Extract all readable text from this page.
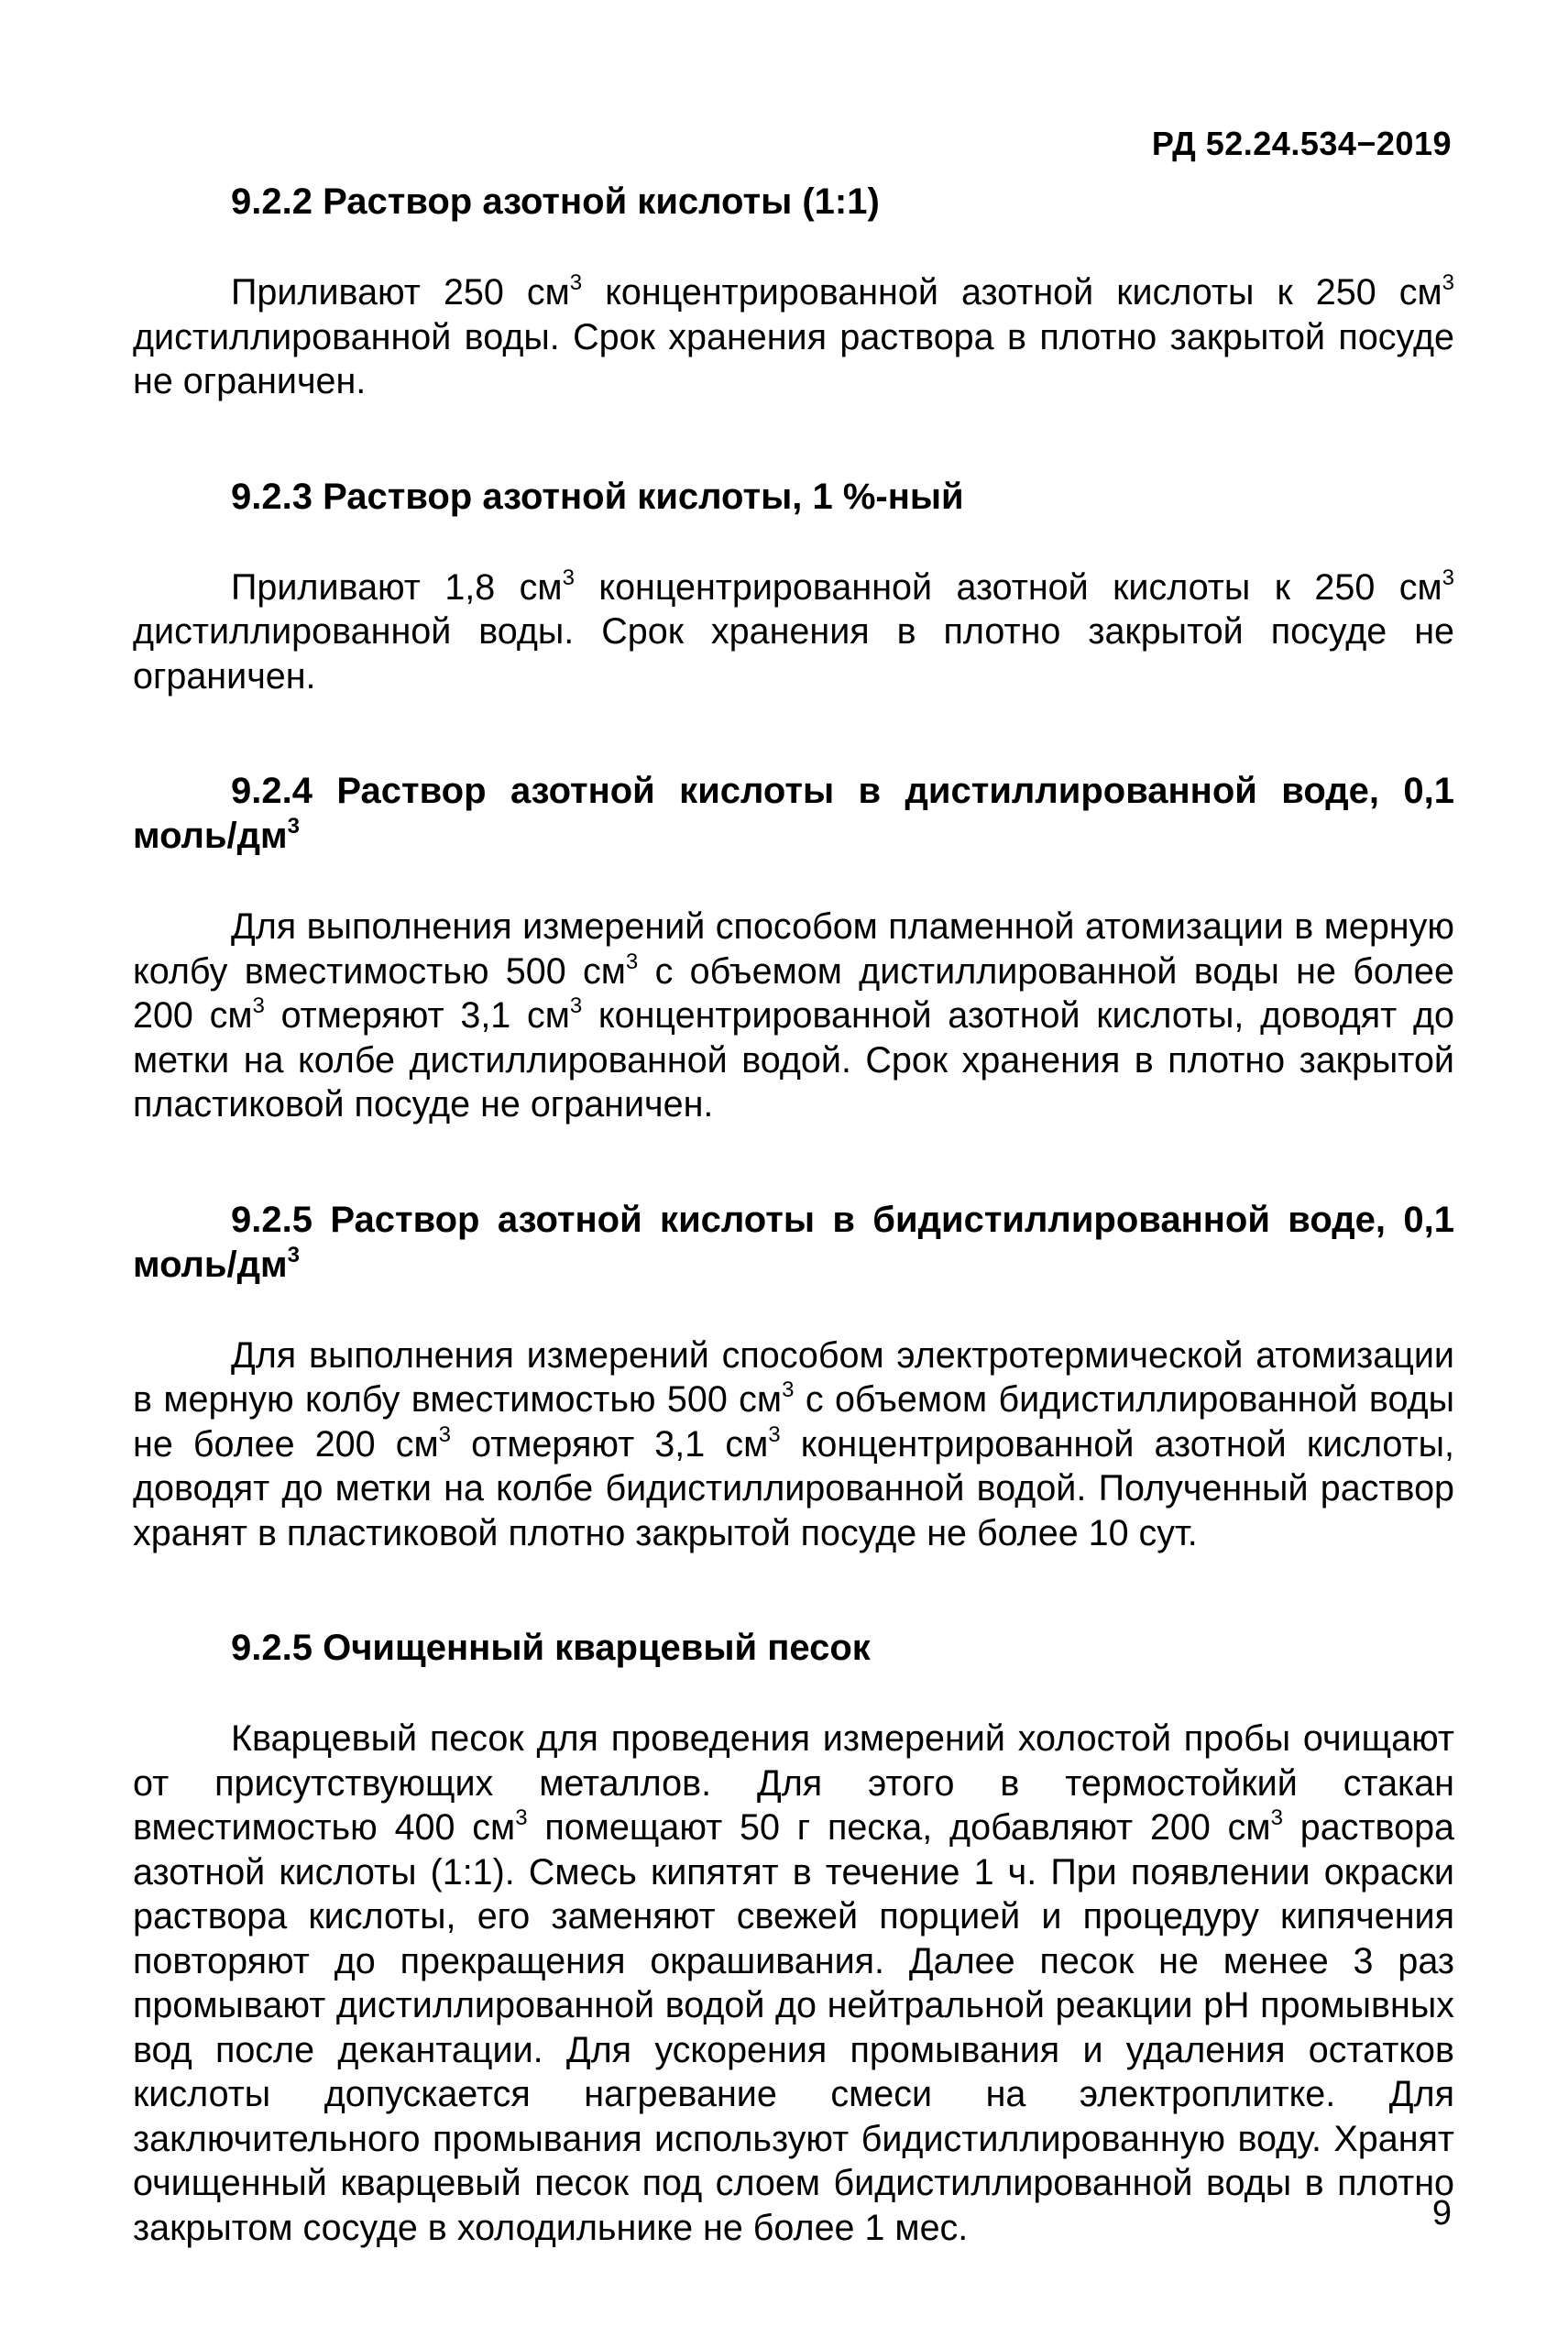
РД 52.24.534−2019
9.2.2 Раствор азотной кислоты (1:1)

Приливают 250 $см^3$ концентрированной азотной кислоты к 250 $см^3$ дистиллированной воды. Срок хранения раствора в плотно закрытой посуде не ограничен.

9.2.3 Раствор азотной кислоты, 1 %-ный

Приливают 1,8 $см^3$ концентрированной азотной кислоты к 250 $см^3$ дистиллированной воды. Срок хранения в плотно закрытой посуде не ограничен.

9.2.4 Раствор азотной кислоты в дистиллированной воде, 0,1 моль/$дм^3$

Для выполнения измерений способом пламенной атомизации в мерную колбу вместимостью 500 $см^3$ с объемом дистиллированной воды не более 200 $см^3$ отмеряют 3,1 $см^3$ концентрированной азотной кислоты, доводят до метки на колбе дистиллированной водой. Срок хранения в плотно закрытой пластиковой посуде не ограничен.

9.2.5 Раствор азотной кислоты в бидистиллированной воде, 0,1 моль/$дм^3$

Для выполнения измерений способом электротермической атомизации в мерную колбу вместимостью 500 $см^3$ с объемом бидистиллированной воды не более 200 $см^3$ отмеряют 3,1 $см^3$ концентрированной азотной кислоты, доводят до метки на колбе бидистиллированной водой. Полученный раствор хранят в пластиковой плотно закрытой посуде не более 10 сут.

9.2.5 Очищенный кварцевый песок

Кварцевый песок для проведения измерений холостой пробы очищают от присутствующих металлов. Для этого в термостойкий стакан вместимостью 400 $см^3$ помещают 50 г песка, добавляют 200 $см^3$ раствора азотной кислоты (1:1). Смесь кипятят в течение 1 ч. При появлении окраски раствора кислоты, его заменяют свежей порцией и процедуру кипячения повторяют до прекращения окрашивания. Далее песок не менее 3 раз промывают дистиллированной водой до нейтральной реакции pH промывных вод после декантации. Для ускорения промывания и удаления остатков кислоты допускается нагревание смеси на электроплитке. Для заключительного промывания используют бидистиллированную воду. Хранят очищенный кварцевый песок под слоем бидистиллированной воды в плотно закрытом сосуде в холодильнике не более 1 мес.	9
